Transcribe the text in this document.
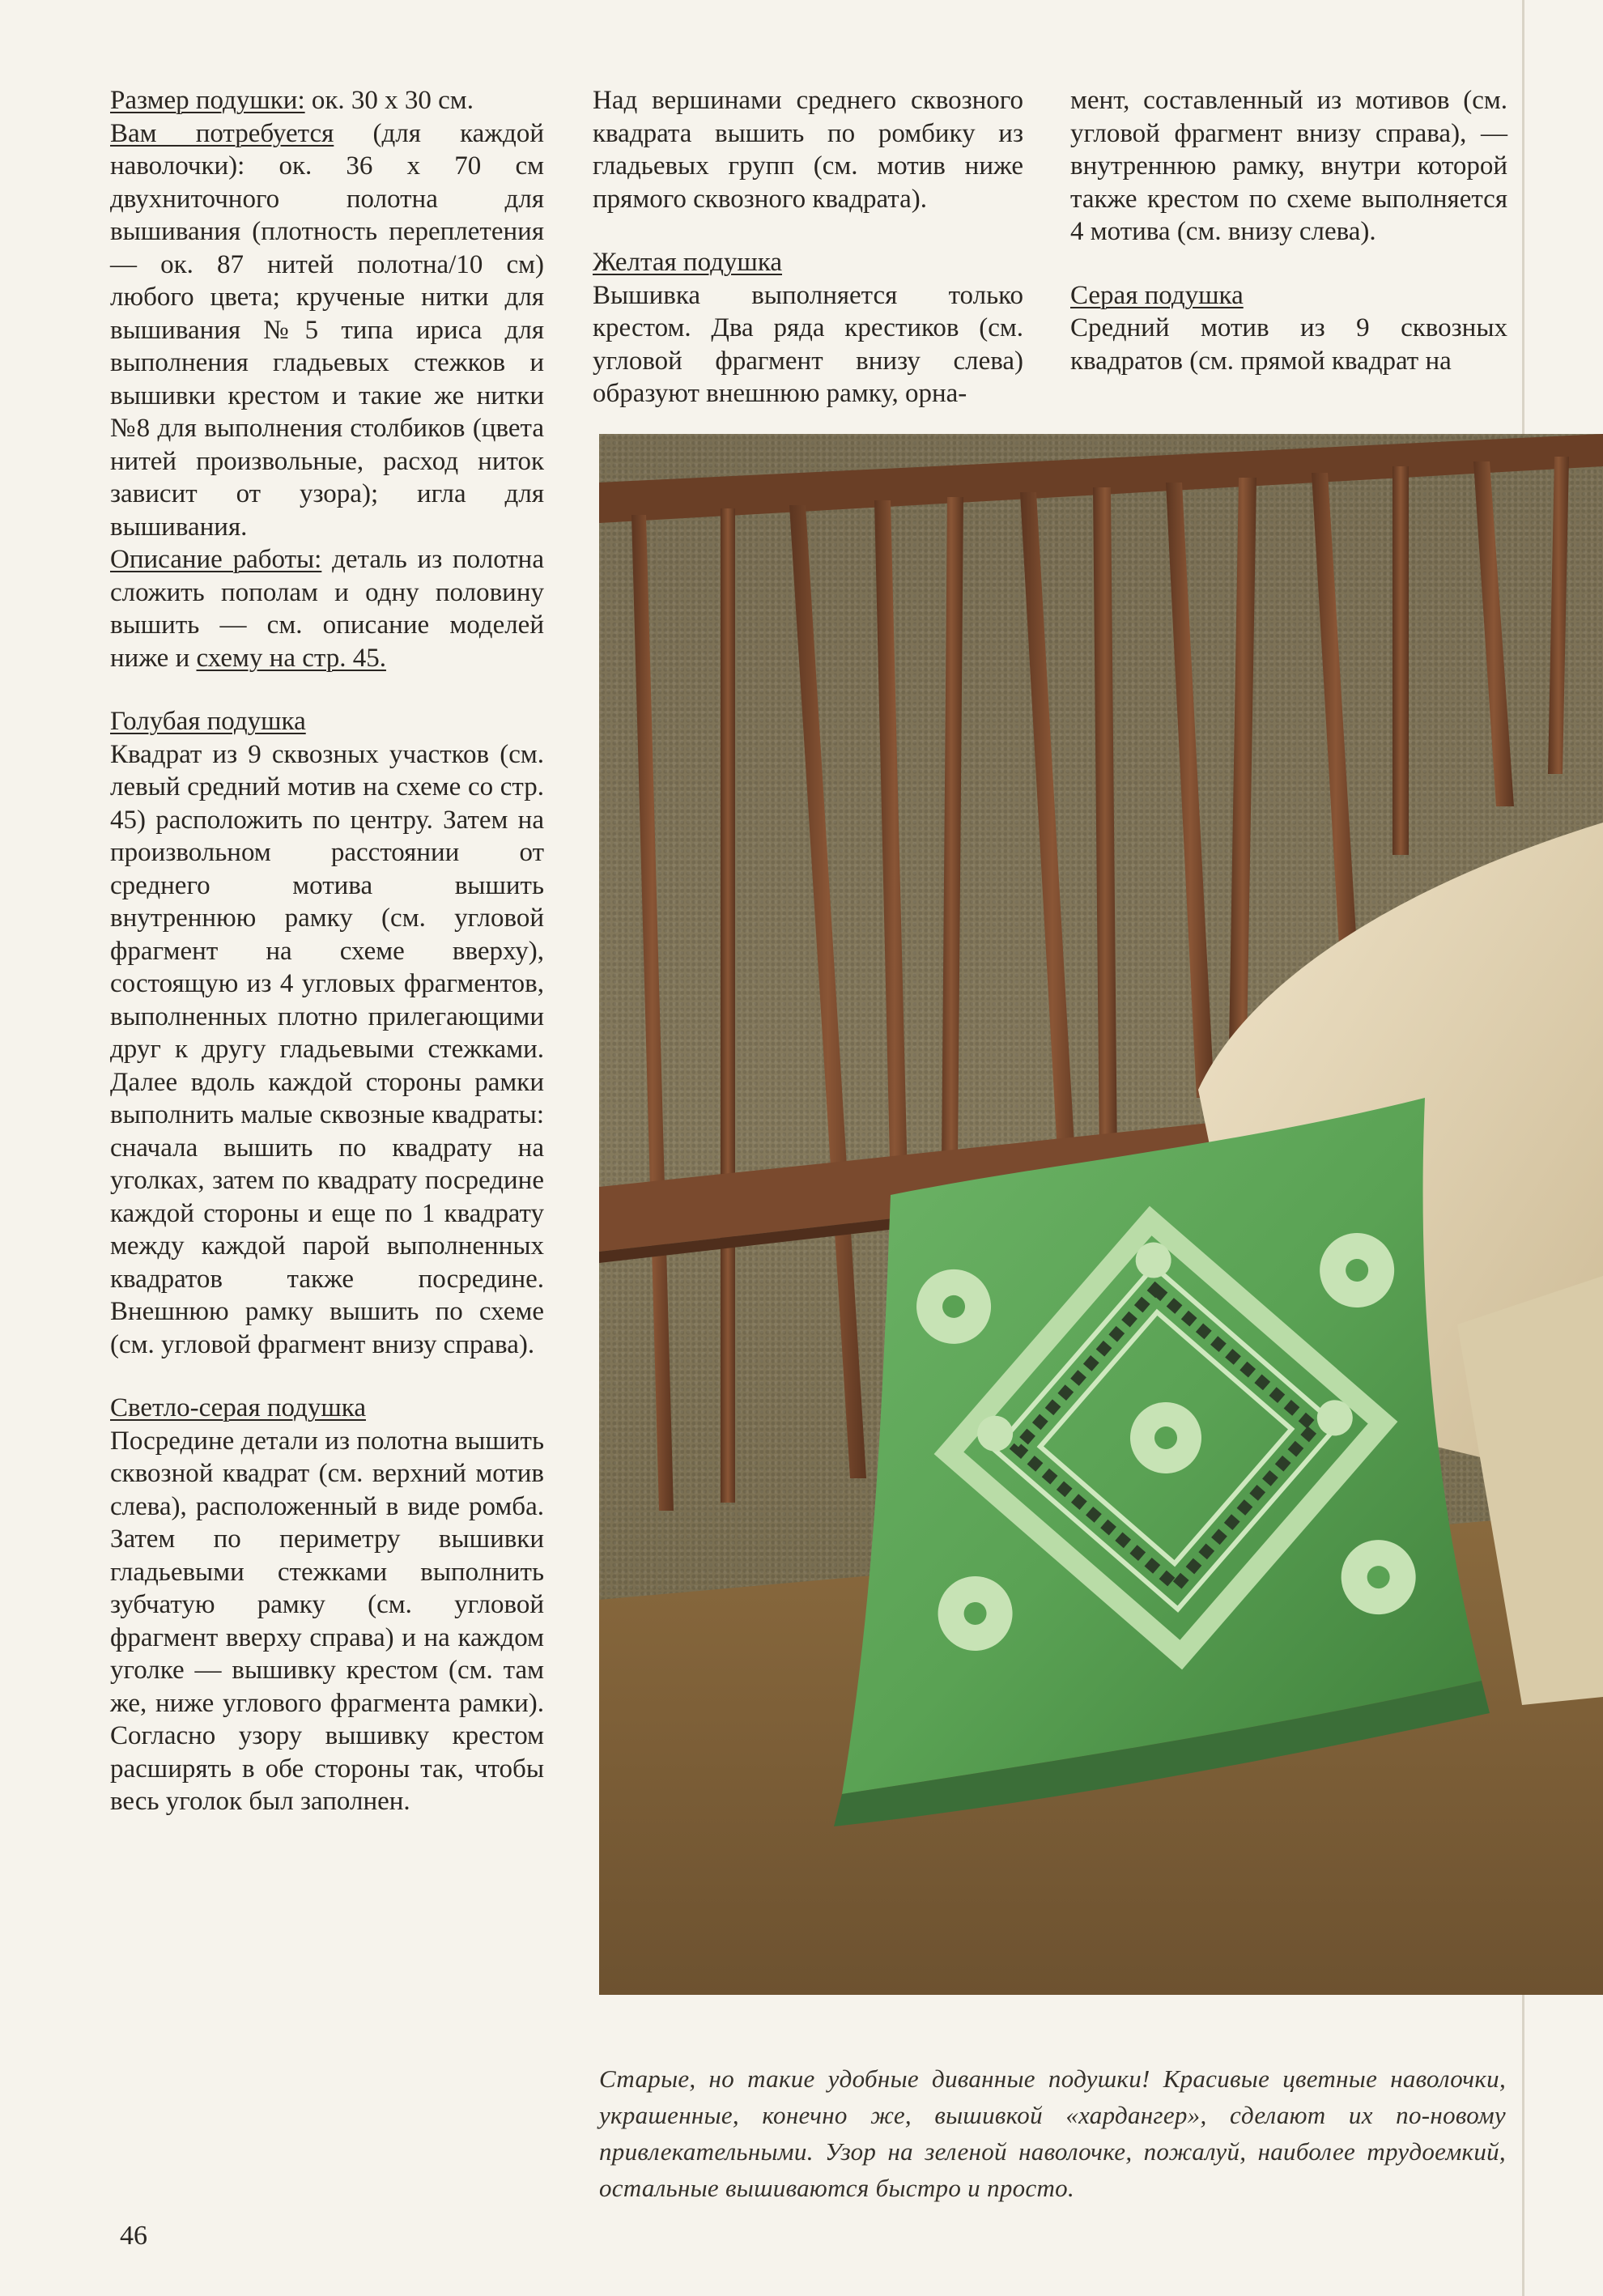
Размер подушки: ок. 30 х 30 см.
Вам потребуется (для каждой наволочки): ок. 36 х 70 см двухниточного полотна для вышивания (плотность переплетения — ок. 87 нитей полотна/10 см) любого цвета; крученые нитки для вышивания №5 типа ириса для выполнения гладьевых стежков и вышивки крестом и такие же нитки №8 для выполнения столбиков (цвета нитей произвольные, расход ниток зависит от узора); игла для вышивания.
Описание работы: деталь из полотна сложить пополам и одну половину вышить — см. описание моделей ниже и схему на стр. 45.

Голубая подушка
Квадрат из 9 сквозных участков (см. левый средний мотив на схеме со стр. 45) расположить по центру. Затем на произвольном расстоянии от среднего мотива вышить внутреннюю рамку (см. угловой фрагмент на схеме вверху), состоящую из 4 угловых фрагментов, выполненных плотно прилегающими друг к другу гладьевыми стежками. Далее вдоль каждой стороны рамки выполнить малые сквозные квадраты: сначала вышить по квадрату на уголках, затем по квадрату посредине каждой стороны и еще по 1 квадрату между каждой парой выполненных квадратов также посредине. Внешнюю рамку вышить по схеме (см. угловой фрагмент внизу справа).

Светло-серая подушка
Посредине детали из полотна вышить сквозной квадрат (см. верхний мотив слева), расположенный в виде ромба. Затем по периметру вышивки гладьевыми стежками выполнить зубчатую рамку (см. угловой фрагмент вверху справа) и на каждом уголке — вышивку крестом (см. там же, ниже углового фрагмента рамки). Согласно узору вышивку крестом расширять в обе стороны так, чтобы весь уголок был заполнен.

Над вершинами среднего сквозного квадрата вышить по ромбику из гладьевых групп (см. мотив ниже прямого сквозного квадрата).

Желтая подушка
Вышивка выполняется только крестом. Два ряда крестиков (см. угловой фрагмент внизу слева) образуют внешнюю рамку, орна-

мент, составленный из мотивов (см. угловой фрагмент внизу справа), — внутреннюю рамку, внутри которой также крестом по схеме выполняется 4 мотива (см. внизу слева).

Серая подушка
Средний мотив из 9 сквозных квадратов (см. прямой квадрат на

Старые, но такие удобные диванные подушки! Красивые цветные наволочки, украшенные, конечно же, вышивкой «хардангер», сделают их по-новому привлекательными. Узор на зеленой наволочке, пожалуй, наиболее трудоемкий, остальные вышиваются быстро и просто.
46
